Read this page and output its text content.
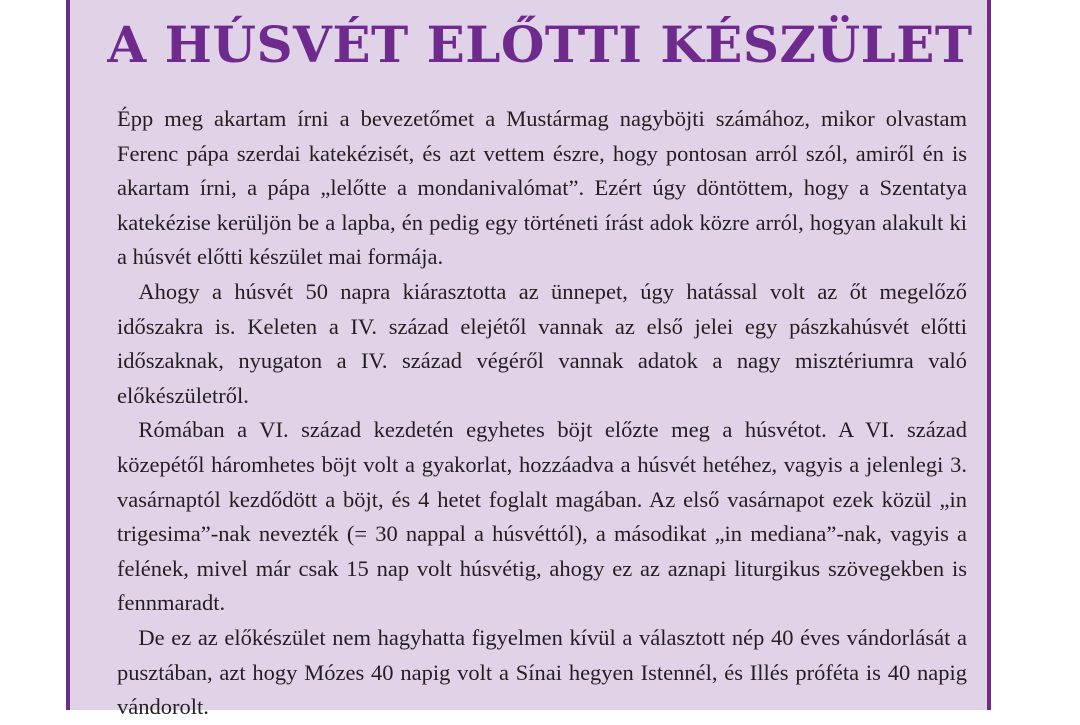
A HÚSVÉT ELŐTTI KÉSZÜLET

Épp meg akartam írni a bevezetőmet a Mustármag nagyböjti számához, mikor olvastam Ferenc pápa szerdai katekézisét, és azt vettem észre, hogy pontosan arról szól, amiről én is akartam írni, a pápa „lelőtte a mondanivalómat”. Ezért úgy döntöttem, hogy a Szentatya katekézise kerüljön be a lapba, én pedig egy történeti írást adok közre arról, hogyan alakult ki a húsvét előtti készület mai formája.

Ahogy a húsvét 50 napra kiárasztotta az ünnepet, úgy hatással volt az őt megelőző időszakra is. Keleten a IV. század elejétől vannak az első jelei egy pászkahúsvét előtti időszaknak, nyugaton a IV. század végéről vannak adatok a nagy misztériumra való előkészületről.

Rómában a VI. század kezdetén egyhetes böjt előzte meg a húsvétot. A VI. század közepétől háromhetes böjt volt a gyakorlat, hozzáadva a húsvét hetéhez, vagyis a jelenlegi 3. vasárnaptól kezdődött a böjt, és 4 hetet foglalt magában. Az első vasárnapot ezek közül „in trigesima”-nak nevezték (= 30 nappal a húsvéttól), a másodikat „in mediana”-nak, vagyis a felének, mivel már csak 15 nap volt húsvétig, ahogy ez az aznapi liturgikus szövegekben is fennmaradt.

De ez az előkészület nem hagyhatta figyelmen kívül a választott nép 40 éves vándorlását a pusztában, azt hogy Mózes 40 napig volt a Sínai hegyen Istennél, és Illés próféta is 40 napig vándorolt.
